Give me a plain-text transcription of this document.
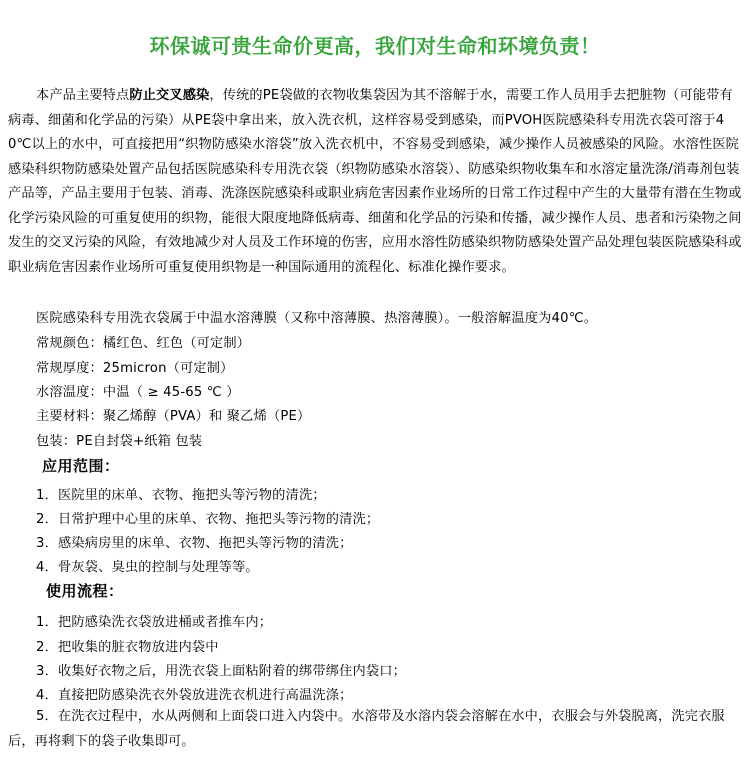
环保诚可贵生命价更高，我们对生命和环境负责！

本产品主要特点防止交叉感染，传统的PE袋做的衣物收集袋因为其不溶解于水，需要工作人员用手去把脏物（可能带有病毒、细菌和化学品的污染）从PE袋中拿出来，放入洗衣机，这样容易受到感染，而PVOH医院感染科专用洗衣袋可溶于40℃以上的水中，可直接把用“织物防感染水溶袋”放入洗衣机中，不容易受到感染，减少操作人员被感染的风险。水溶性医院感染科织物防感染处置产品包括医院感染科专用洗衣袋（织物防感染水溶袋）、防感染织物收集车和水溶定量洗涤/消毒剂包装产品等，产品主要用于包装、消毒、洗涤医院感染科或职业病危害因素作业场所的日常工作过程中产生的大量带有潜在生物或化学污染风险的可重复使用的织物，能很大限度地降低病毒、细菌和化学品的污染和传播，减少操作人员、患者和污染物之间发生的交叉污染的风险，有效地减少对人员及工作环境的伤害，应用水溶性防感染织物防感染处置产品处理包装医院感染科或职业病危害因素作业场所可重复使用织物是一种国际通用的流程化、标准化操作要求。

医院感染科专用洗衣袋属于中温水溶薄膜（又称中溶薄膜、热溶薄膜）。一般溶解温度为40℃。
常规颜色：橘红色、红色（可定制）
常规厚度：25micron（可定制）
水溶温度：中温（ ≥ 45-65 ℃ ）
主要材料：聚乙烯醇（PVA）和 聚乙烯（PE）
包装：PE自封袋+纸箱 包装
应用范围：
1．医院里的床单、衣物、拖把头等污物的清洗；
2．日常护理中心里的床单、衣物、拖把头等污物的清洗；
3．感染病房里的床单、衣物、拖把头等污物的清洗；
4．骨灰袋、臭虫的控制与处理等等。
使用流程：
1．把防感染洗衣袋放进桶或者推车内；
2．把收集的脏衣物放进内袋中
3．收集好衣物之后，用洗衣袋上面粘附着的绑带绑住内袋口；
4．直接把防感染洗衣外袋放进洗衣机进行高温洗涤；

5．在洗衣过程中，水从两侧和上面袋口进入内袋中。水溶带及水溶内袋会溶解在水中，衣服会与外袋脱离，洗完衣服后，再将剩下的袋子收集即可。
